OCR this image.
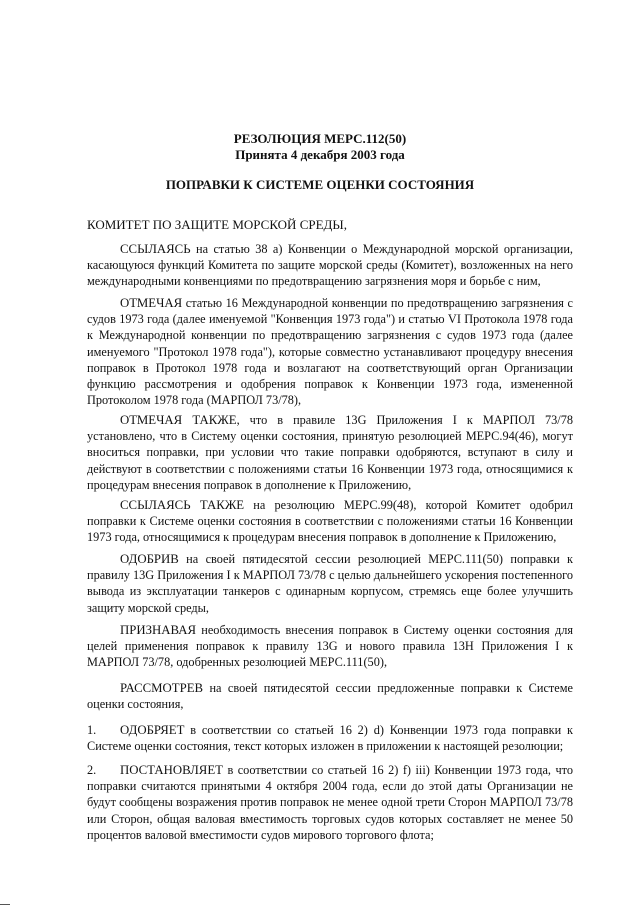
РЕЗОЛЮЦИЯ МЕРС.112(50)
Принята 4 декабря 2003 года
ПОПРАВКИ К СИСТЕМЕ ОЦЕНКИ СОСТОЯНИЯ
КОМИТЕТ ПО ЗАЩИТЕ МОРСКОЙ СРЕДЫ,
ССЫЛАЯСЬ на статью 38 а) Конвенции о Международной морской организации, касающуюся функций Комитета по защите морской среды (Комитет), возложенных на него международными конвенциями по предотвращению загрязнения моря и борьбе с ним,
ОТМЕЧАЯ статью 16 Международной конвенции по предотвращению загрязнения с судов 1973 года (далее именуемой "Конвенция 1973 года") и статью VI Протокола 1978 года к Международной конвенции по предотвращению загрязнения с судов 1973 года (далее именуемого "Протокол 1978 года"), которые совместно устанавливают процедуру внесения поправок в Протокол 1978 года и возлагают на соответствующий орган Организации функцию рассмотрения и одобрения поправок к Конвенции 1973 года, измененной Протоколом 1978 года (МАРПОЛ 73/78),
ОТМЕЧАЯ ТАКЖЕ, что в правиле 13G Приложения I к МАРПОЛ 73/78 установлено, что в Систему оценки состояния, принятую резолюцией МЕРС.94(46), могут вноситься поправки, при условии что такие поправки одобряются, вступают в силу и действуют в соответствии с положениями статьи 16 Конвенции 1973 года, относящимися к процедурам внесения поправок в дополнение к Приложению,
ССЫЛАЯСЬ ТАКЖЕ на резолюцию МЕРС.99(48), которой Комитет одобрил поправки к Системе оценки состояния в соответствии с положениями статьи 16 Конвенции 1973 года, относящимися к процедурам внесения поправок в дополнение к Приложению,
ОДОБРИВ на своей пятидесятой сессии резолюцией МЕРС.111(50) поправки к правилу 13G Приложения I к МАРПОЛ 73/78 с целью дальнейшего ускорения постепенного вывода из эксплуатации танкеров с одинарным корпусом, стремясь еще более улучшить защиту морской среды,
ПРИЗНАВАЯ необходимость внесения поправок в Систему оценки состояния для целей применения поправок к правилу 13G и нового правила 13H Приложения I к МАРПОЛ 73/78, одобренных резолюцией МЕРС.111(50),
РАССМОТРЕВ на своей пятидесятой сессии предложенные поправки к Системе оценки состояния,
1. ОДОБРЯЕТ в соответствии со статьей 16 2) d) Конвенции 1973 года поправки к Системе оценки состояния, текст которых изложен в приложении к настоящей резолюции;
2. ПОСТАНОВЛЯЕТ в соответствии со статьей 16 2) f) iii) Конвенции 1973 года, что поправки считаются принятыми 4 октября 2004 года, если до этой даты Организации не будут сообщены возражения против поправок не менее одной трети Сторон МАРПОЛ 73/78 или Сторон, общая валовая вместимость торговых судов которых составляет не менее 50 процентов валовой вместимости судов мирового торгового флота;
